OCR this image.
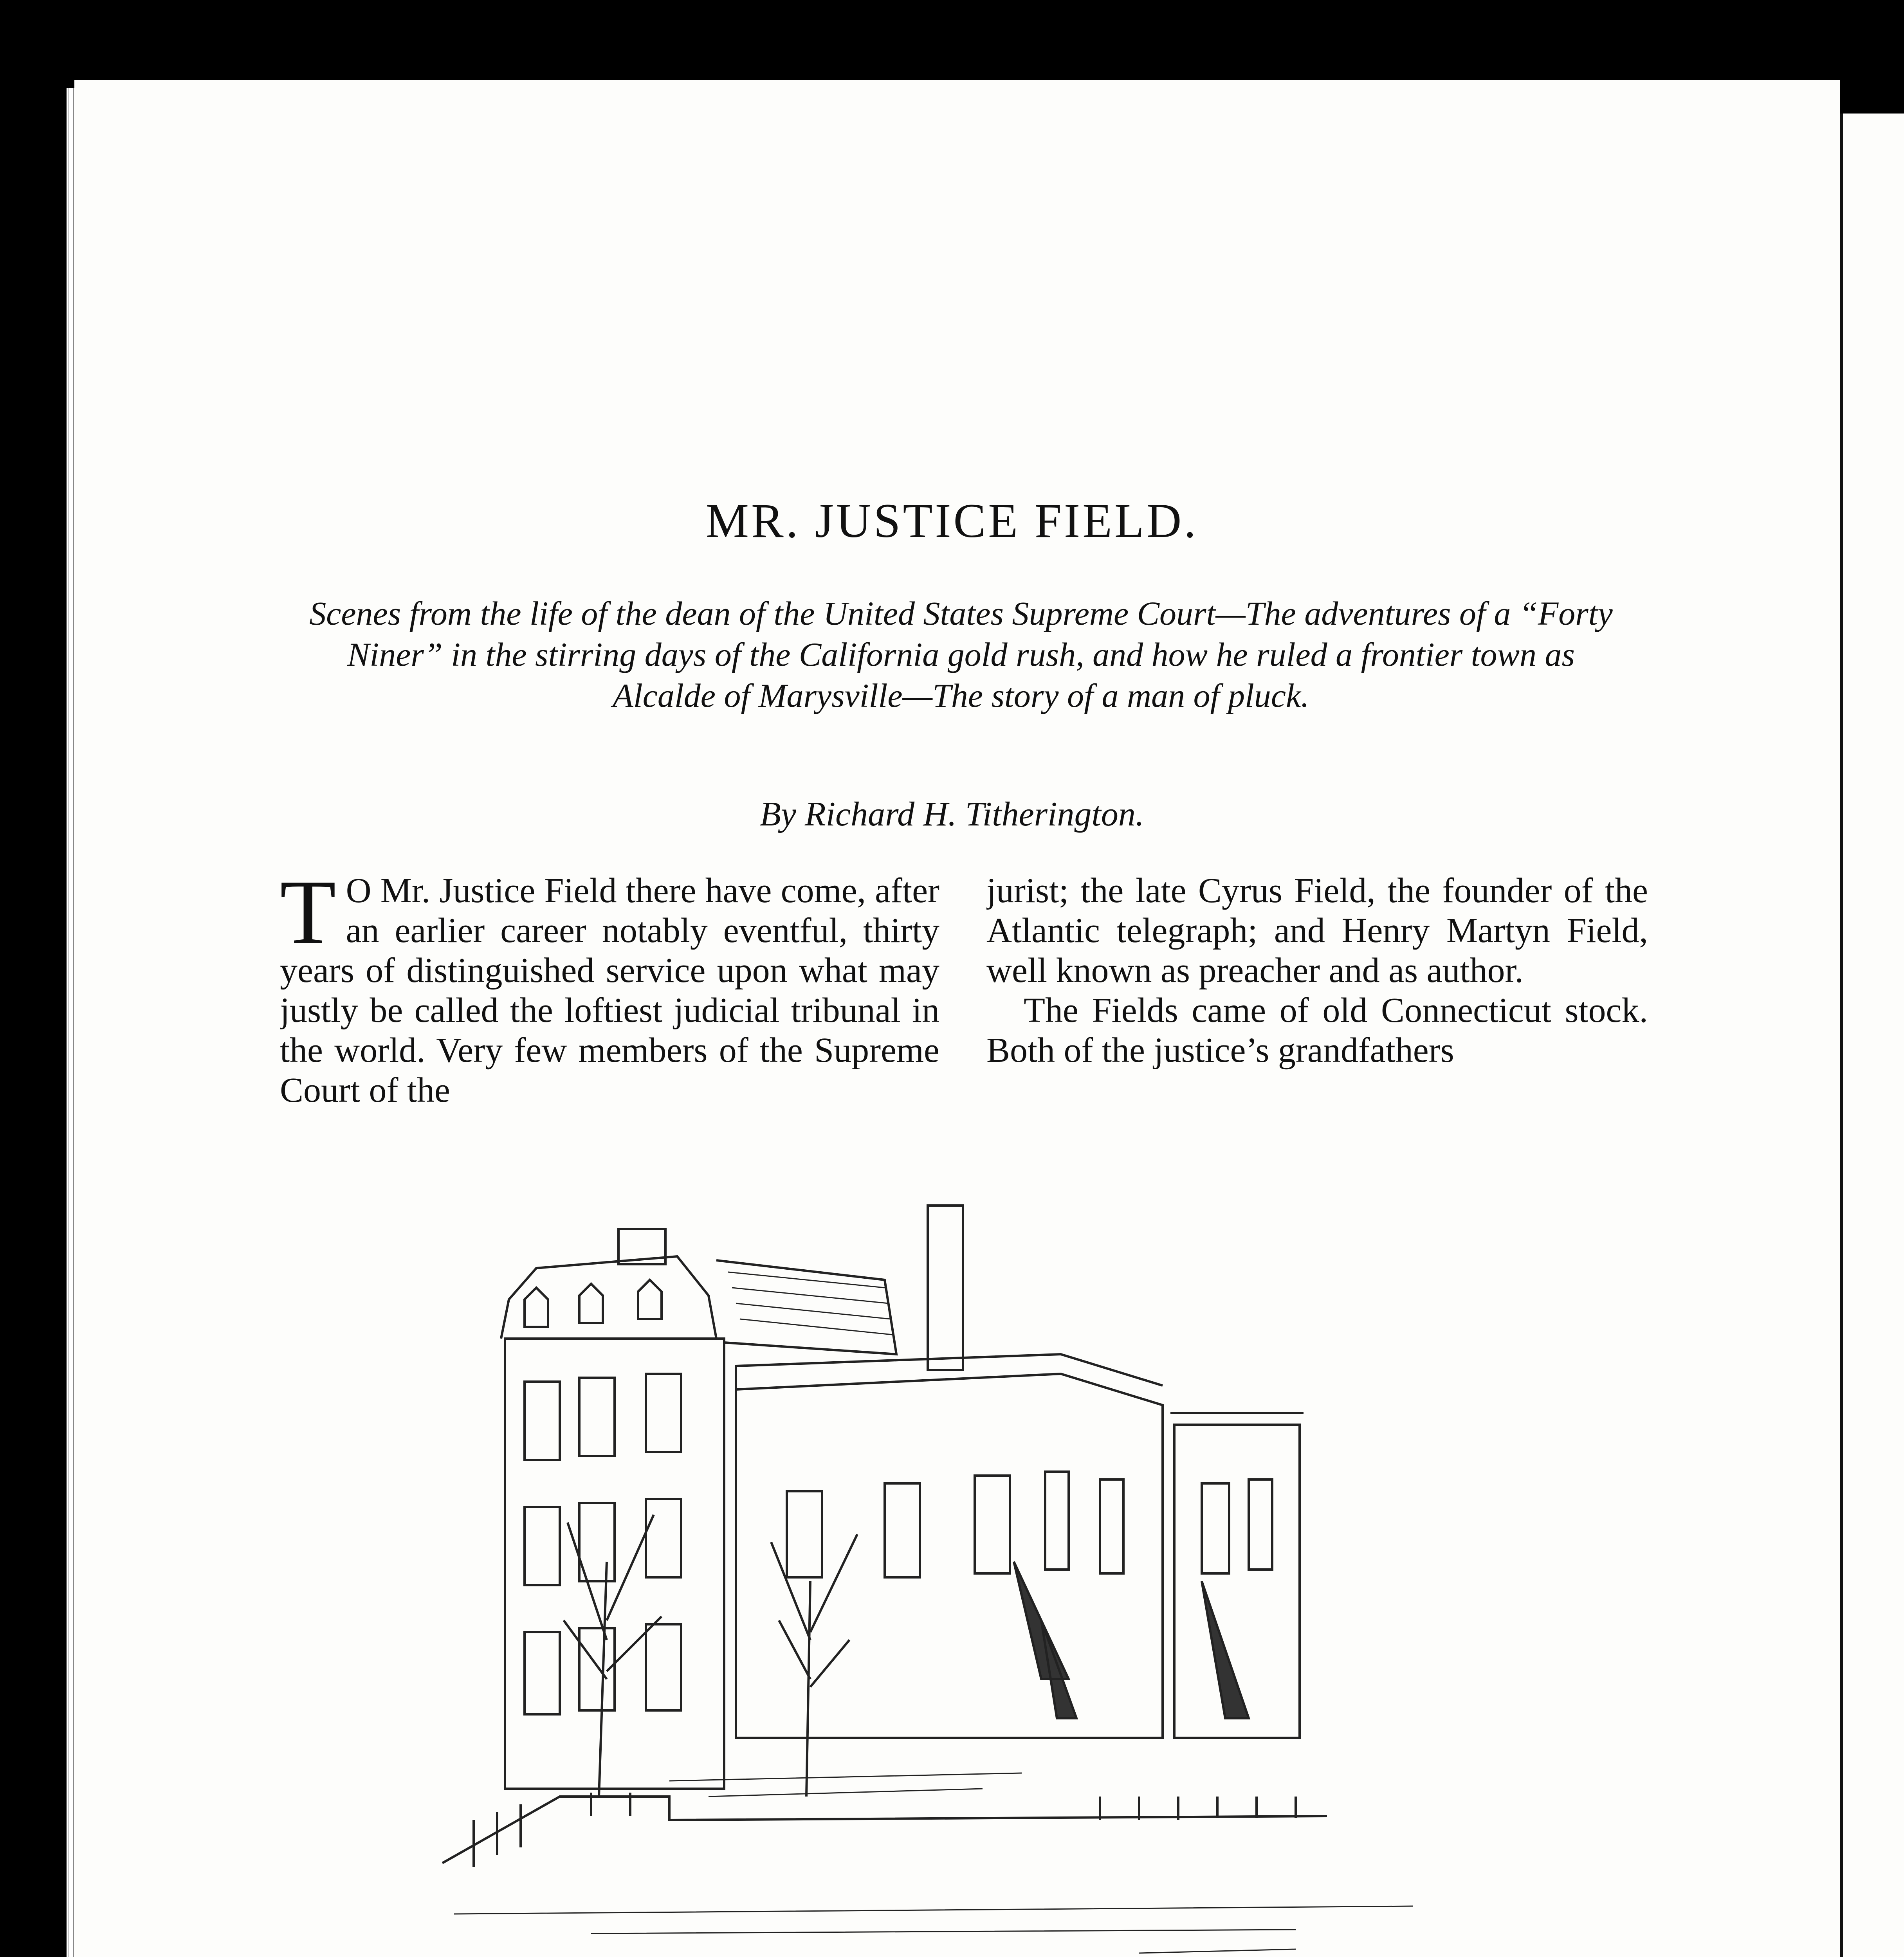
MR. JUSTICE FIELD.
Scenes from the life of the dean of the United States Supreme Court—The adventures of a “Forty Niner” in the stirring days of the California gold rush, and how he ruled a frontier town as Alcalde of Marysville—The story of a man of pluck.
By Richard H. Titherington.

T O Mr. Justice Field there have come, after an earlier career notably eventful, thirty years of distinguished service upon what may justly be called the loftiest judicial tribunal in the world. Very few members of the Supreme Court of the

jurist; the late Cyrus Field, the founder of the Atlantic telegraph; and Henry Martyn Field, well known as preacher and as author.

The Fields came of old Connecticut stock. Both of the justice’s grandfathers
